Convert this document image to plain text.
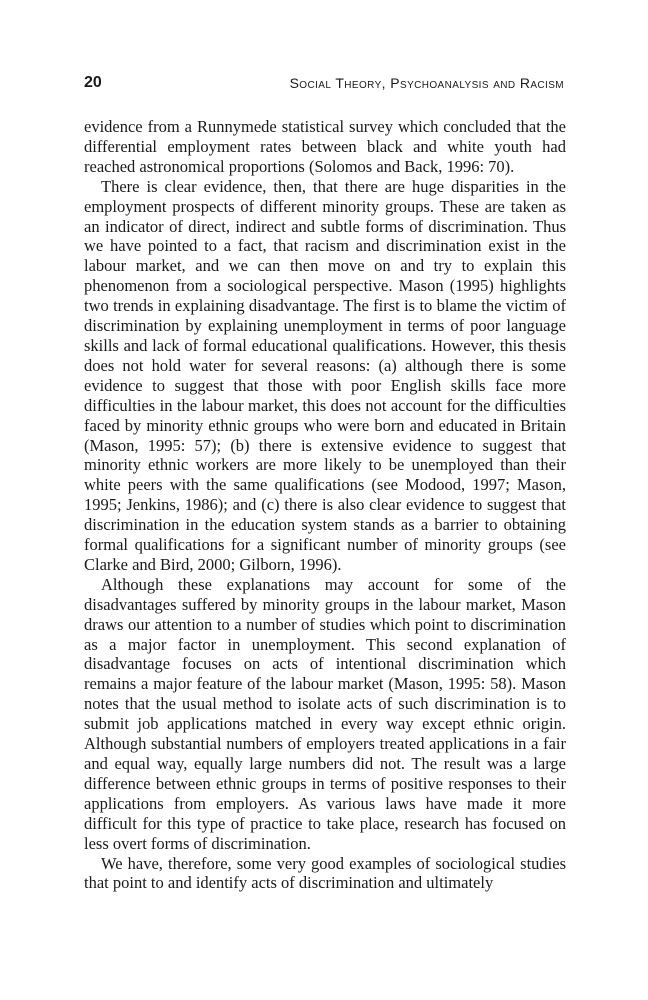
20	Social Theory, Psychoanalysis and Racism

evidence from a Runnymede statistical survey which concluded that the differential employment rates between black and white youth had reached astronomical proportions (Solomos and Back, 1996: 70).

There is clear evidence, then, that there are huge disparities in the employment prospects of different minority groups. These are taken as an indicator of direct, indirect and subtle forms of discrimination. Thus we have pointed to a fact, that racism and discrimination exist in the labour market, and we can then move on and try to explain this phenomenon from a sociological perspective. Mason (1995) highlights two trends in explaining disadvantage. The first is to blame the victim of discrimination by explaining unemployment in terms of poor language skills and lack of formal educational qualifications. However, this thesis does not hold water for several reasons: (a) although there is some evidence to suggest that those with poor English skills face more difficulties in the labour market, this does not account for the difficulties faced by minority ethnic groups who were born and educated in Britain (Mason, 1995: 57); (b) there is extensive evidence to suggest that minority ethnic workers are more likely to be unemployed than their white peers with the same qualifications (see Modood, 1997; Mason, 1995; Jenkins, 1986); and (c) there is also clear evidence to suggest that discrimination in the education system stands as a barrier to obtaining formal qualifications for a significant number of minority groups (see Clarke and Bird, 2000; Gilborn, 1996).

Although these explanations may account for some of the disadvantages suffered by minority groups in the labour market, Mason draws our attention to a number of studies which point to discrimination as a major factor in unemployment. This second explanation of disadvantage focuses on acts of intentional discrimination which remains a major feature of the labour market (Mason, 1995: 58). Mason notes that the usual method to isolate acts of such discrimination is to submit job applications matched in every way except ethnic origin. Although substantial numbers of employers treated applications in a fair and equal way, equally large numbers did not. The result was a large difference between ethnic groups in terms of positive responses to their applications from employers. As various laws have made it more difficult for this type of practice to take place, research has focused on less overt forms of discrimination.

We have, therefore, some very good examples of sociological studies that point to and identify acts of discrimination and ultimately
